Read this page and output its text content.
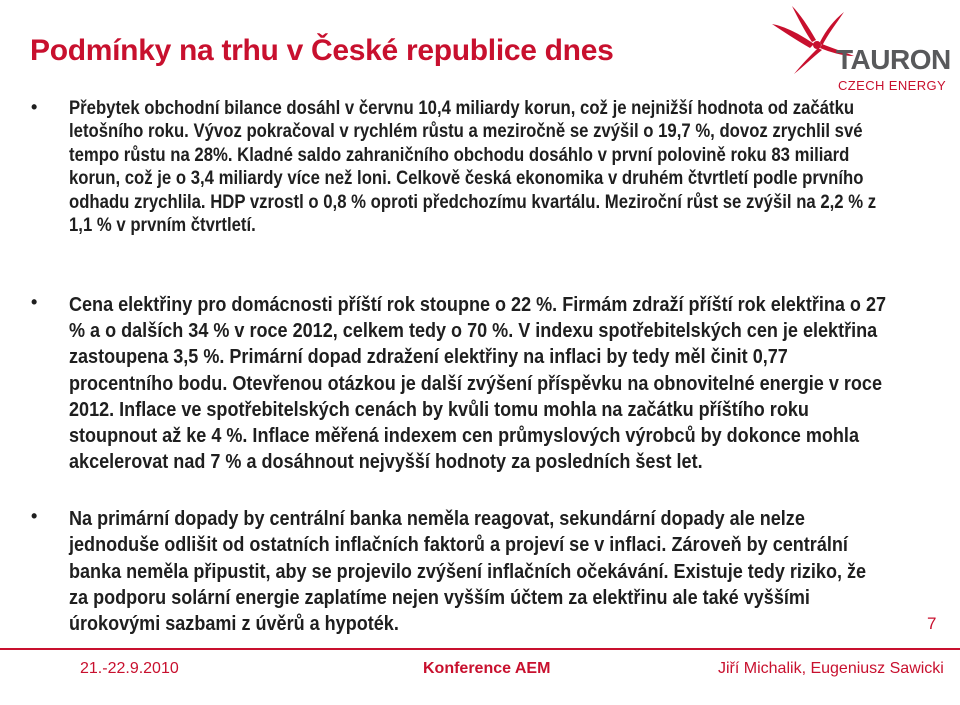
Podmínky na trhu v České republice dnes	TAURON
CZECH ENERGY
• Přebytek obchodní bilance dosáhl v červnu 10,4 miliardy korun, což je nejnižší hodnota od začátku letošního roku. Vývoz pokračoval v rychlém růstu a meziročně se zvýšil o 19,7 %, dovoz zrychlil své tempo růstu na 28%. Kladné saldo zahraničního obchodu dosáhlo v první polovině roku 83 miliard korun, což je o 3,4 miliardy více než loni. Celkově česká ekonomika v druhém čtvrtletí podle prvního odhadu zrychlila. HDP vzrostl o 0,8 % oproti předchozímu kvartálu. Meziroční růst se zvýšil na 2,2 % z 1,1 % v prvním čtvrtletí.
• Cena elektřiny pro domácnosti příští rok stoupne o 22 %. Firmám zdraží příští rok elektřina o 27 % a o dalších 34 % v roce 2012, celkem tedy o 70 %. V indexu spotřebitelských cen je elektřina zastoupena 3,5 %. Primární dopad zdražení elektřiny na inflaci by tedy měl činit 0,77 procentního bodu. Otevřenou otázkou je další zvýšení příspěvku na obnovitelné energie v roce 2012. Inflace ve spotřebitelských cenách by kvůli tomu mohla na začátku příštího roku stoupnout až ke 4 %. Inflace měřená indexem cen průmyslových výrobců by dokonce mohla akcelerovat nad 7 % a dosáhnout nejvyšší hodnoty za posledních šest let.
• Na primární dopady by centrální banka neměla reagovat, sekundární dopady ale nelze jednoduše odlišit od ostatních inflačních faktorů a projeví se v inflaci. Zároveň by centrální banka neměla připustit, aby se projevilo zvýšení inflačních očekávání. Existuje tedy riziko, že za podporu solární energie zaplatíme nejen vyšším účtem za elektřinu ale také vyššími úrokovými sazbami z úvěrů a hypoték.	7
21.-22.9.2010	Konference AEM	Jiří Michalik, Eugeniusz Sawicki
